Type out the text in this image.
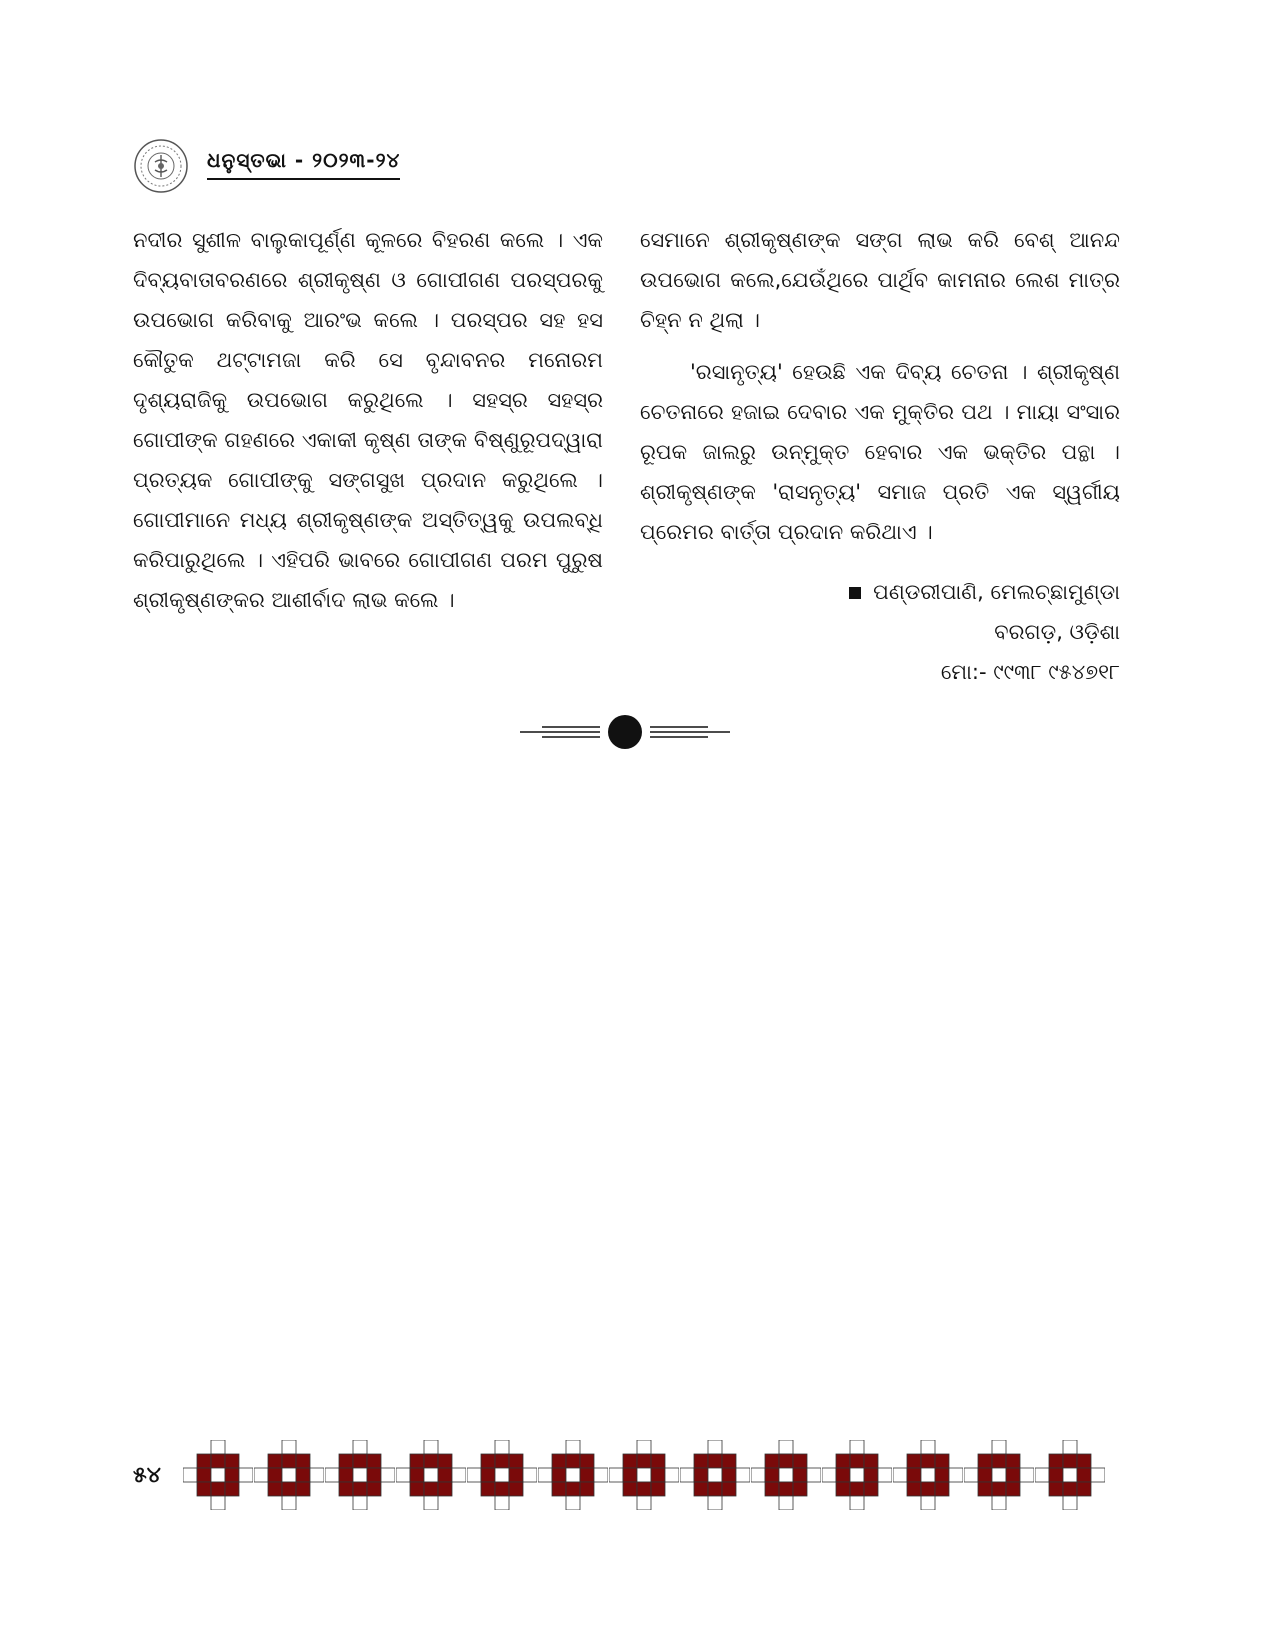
ଧନୁସ୍ତଭା - ୨୦୨୩-୨୪

ନଦୀର ସୁଶୀଳ ବାଲୁକାପୂର୍ଣ୍ଣ କୂଳରେ ବିହରଣ କଲେ । ଏକ ଦିବ୍ୟବାତାବରଣରେ ଶ୍ରୀକୃଷ୍ଣ ଓ ଗୋପୀଗଣ ପରସ୍ପରକୁ ଉପଭୋଗ କରିବାକୁ ଆରଂଭ କଲେ । ପରସ୍ପର ସହ ହସ କୌତୁକ ଥଟ୍ଟାମଜା କରି ସେ ବୃନ୍ଦାବନର ମନୋରମ ଦୃଶ୍ୟରାଜିକୁ ଉପଭୋଗ କରୁଥିଲେ । ସହସ୍ର ସହସ୍ର ଗୋପୀଙ୍କ ଗହଣରେ ଏକାକୀ କୃଷ୍ଣ ତାଙ୍କ ବିଷ୍ଣୁରୂପଦ୍ୱାରା ପ୍ରତ୍ୟକ ଗୋପୀଙ୍କୁ ସଙ୍ଗସୁଖ ପ୍ରଦାନ କରୁଥିଲେ । ଗୋପୀମାନେ ମଧ୍ୟ ଶ୍ରୀକୃଷ୍ଣଙ୍କ ଅସ୍ତିତ୍ୱକୁ ଉପଲବ୍ଧି କରିପାରୁଥିଲେ । ଏହିପରି ଭାବରେ ଗୋପୀଗଣ ପରମ ପୁରୁଷ ଶ୍ରୀକୃଷ୍ଣଙ୍କର ଆଶୀର୍ବାଦ ଲାଭ କଲେ ।

ସେମାନେ ଶ୍ରୀକୃଷ୍ଣଙ୍କ ସଙ୍ଗ ଲାଭ କରି ବେଶ୍ ଆନନ୍ଦ ଉପଭୋଗ କଲେ,ଯେଉଁଥିରେ ପାର୍ଥିବ କାମନାର ଲେଶ ମାତ୍ର ଚିହ୍ନ ନ ଥିଲା ।

'ରସାନୃତ୍ୟ' ହେଉଛି ଏକ ଦିବ୍ୟ ଚେତନା । ଶ୍ରୀକୃଷ୍ଣ ଚେତନାରେ ହଜାଇ ଦେବାର ଏକ ମୁକ୍ତିର ପଥ । ମାୟା ସଂସାର ରୂପକ ଜାଲରୁ ଉନ୍ମୁକ୍ତ ହେବାର ଏକ ଭକ୍ତିର ପନ୍ଥା । ଶ୍ରୀକୃଷ୍ଣଙ୍କ 'ରାସନୃତ୍ୟ' ସମାଜ ପ୍ରତି ଏକ ସ୍ୱର୍ଗୀୟ ପ୍ରେମର ବାର୍ତ୍ତା ପ୍ରଦାନ କରିଥାଏ ।

ପଣ୍ଡରୀପାଣି, ମେଲଚ୍ଛାମୁଣ୍ଡା
ବରଗଡ଼, ଓଡ଼ିଶା
ମୋ:- ୯୯୩୮ ୯୫୪୭୧୮
୫୪
